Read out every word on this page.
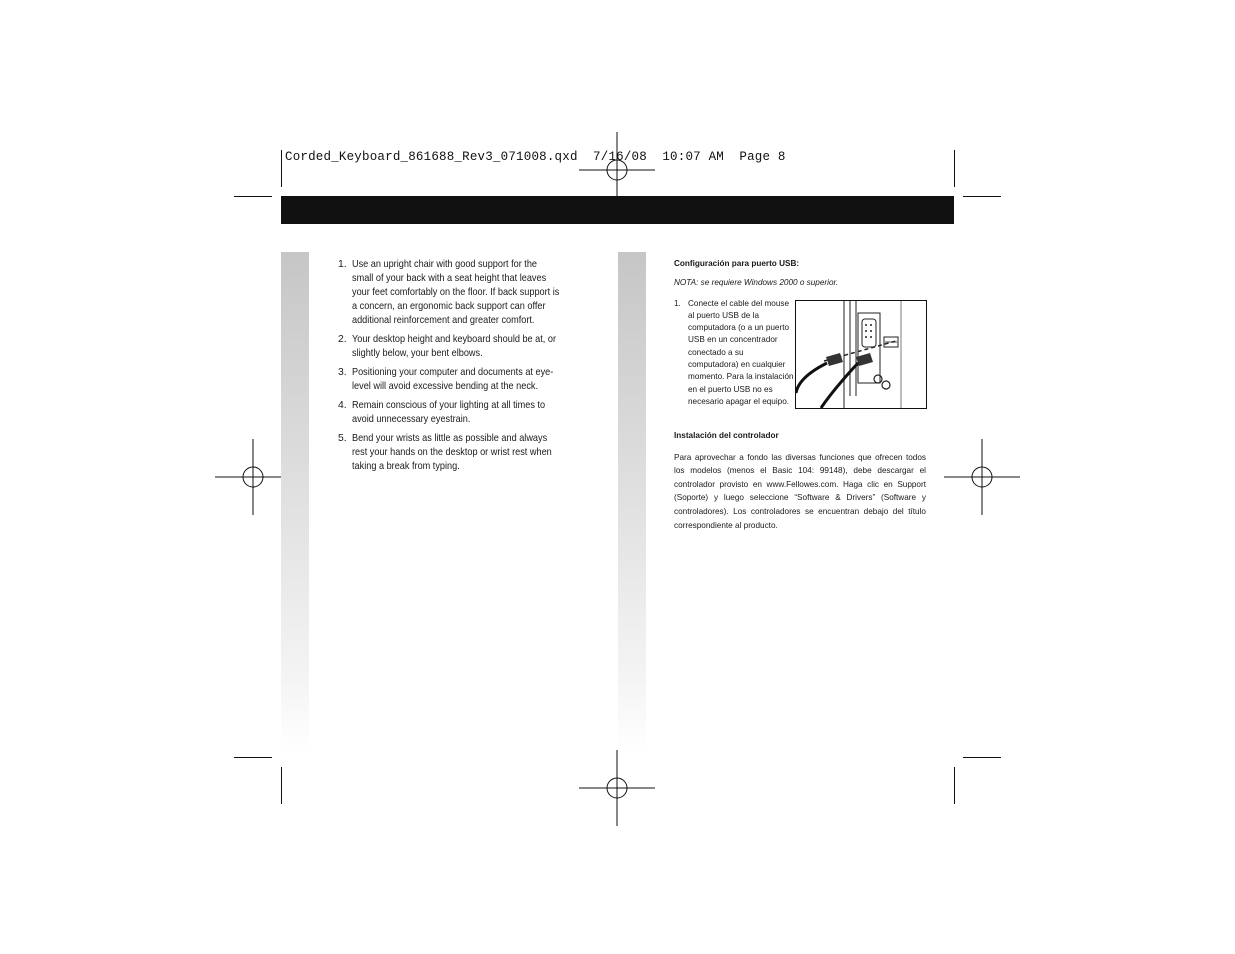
Corded_Keyboard_861688_Rev3_071008.qxd  7/16/08  10:07 AM  Page 8
1. Use an upright chair with good support for the small of your back with a seat height that leaves your feet comfortably on the floor. If back support is a concern, an ergonomic back support can offer additional reinforcement and greater comfort.
2. Your desktop height and keyboard should be at, or slightly below, your bent elbows.
3. Positioning your computer and documents at eye-level will avoid excessive bending at the neck.
4. Remain conscious of your lighting at all times to avoid unnecessary eyestrain.
5. Bend your wrists as little as possible and always rest your hands on the desktop or wrist rest when taking a break from typing.
Configuración para puerto USB:
NOTA: se requiere Windows 2000 o superior.
1. Conecte el cable del mouse al puerto USB de la computadora (o a un puerto USB en un concentrador conectado a su computadora) en cualquier momento. Para la instalación en el puerto USB no es necesario apagar el equipo.
Instalación del controlador
Para aprovechar a fondo las diversas funciones que ofrecen todos los modelos (menos el Basic 104: 99148), debe descargar el controlador provisto en www.Fellowes.com. Haga clic en Support (Soporte) y luego seleccione “Software & Drivers” (Software y controladores). Los controladores se encuentran debajo del título correspondiente al producto.
